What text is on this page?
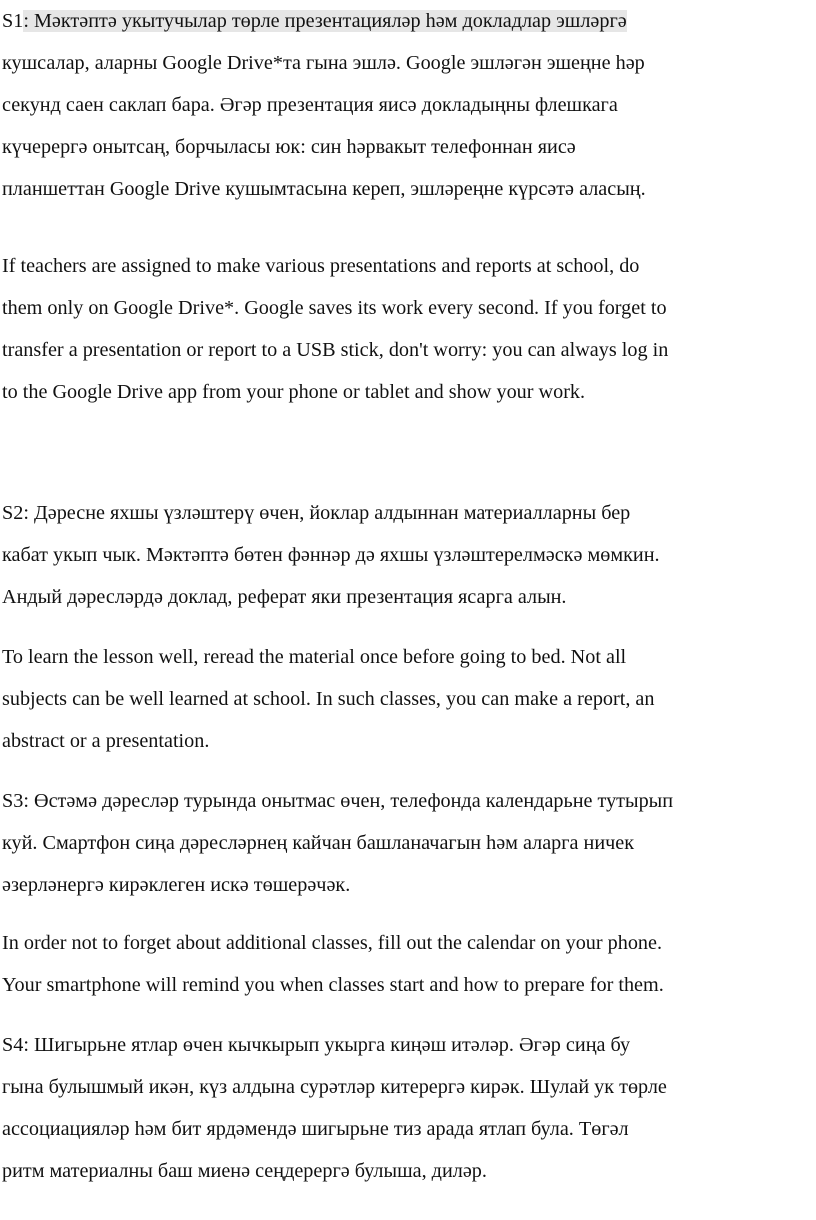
S1: Мәктәптә укытучылар төрле презентацияләр һәм докладлар эшләргә
кушсалар, аларны Google Drive*та гына эшлә. Google эшләгән эшеңне һәр
секунд саен саклап бара. Әгәр презентация яисә докладыңны флешкага
күчерергә онытсаң, борчыласы юк: син һәрвакыт телефоннан яисә
планшеттан Google Drive кушымтасына кереп, эшләреңне күрсәтә аласың.

If teachers are assigned to make various presentations and reports at school, do
them only on Google Drive*. Google saves its work every second. If you forget to
transfer a presentation or report to a USB stick, don't worry: you can always log in
to the Google Drive app from your phone or tablet and show your work.

S2: Дәресне яхшы үзләштерү өчен, йоклар алдыннан материалларны бер
кабат укып чык. Мәктәптә бөтен фәннәр дә яхшы үзләштерелмәскә мөмкин.
Андый дәресләрдә доклад, реферат яки презентация ясарга алын.

To learn the lesson well, reread the material once before going to bed. Not all
subjects can be well learned at school. In such classes, you can make a report, an
abstract or a presentation.

S3: Өстәмә дәресләр турында онытмас өчен, телефонда календарьне тутырып
куй. Смартфон сиңа дәресләрнең кайчан башланачагын һәм аларга ничек
әзерләнергә кирәклеген искә төшерәчәк.

In order not to forget about additional classes, fill out the calendar on your phone.
Your smartphone will remind you when classes start and how to prepare for them.

S4: Шигырьне ятлар өчен кычкырып укырга киңәш итәләр. Әгәр сиңа бу
гына булышмый икән, күз алдына сурәтләр китерергә кирәк. Шулай ук төрле
ассоциацияләр һәм бит ярдәмендә шигырьне тиз арада ятлап була. Төгәл
ритм материалны баш миенә сеңдерергә булыша, диләр.
